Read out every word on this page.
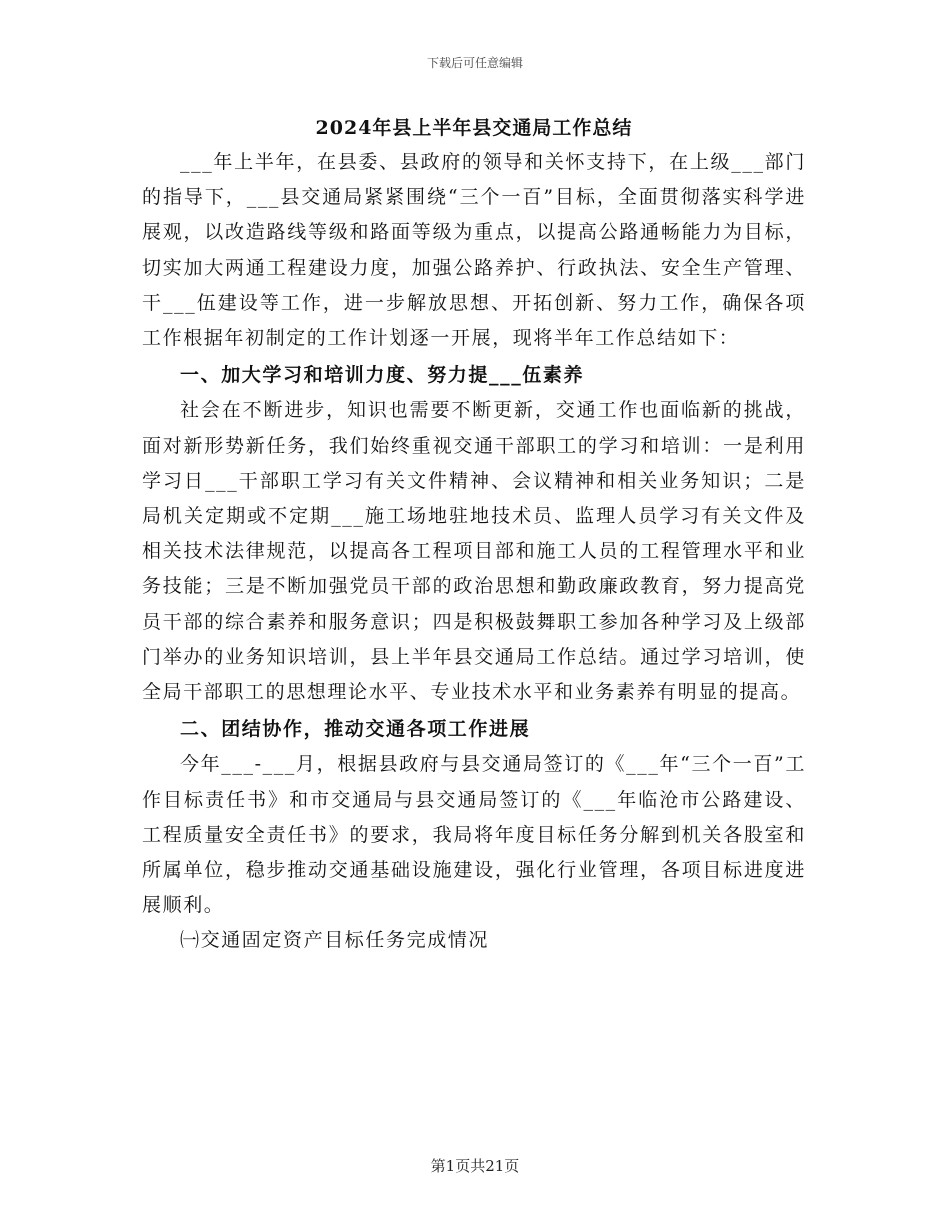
下载后可任意编辑
2024年县上半年县交通局工作总结

___年上半年，在县委、县政府的领导和关怀支持下，在上级___部门的指导下，___县交通局紧紧围绕“三个一百”目标，全面贯彻落实科学进展观，以改造路线等级和路面等级为重点，以提高公路通畅能力为目标，切实加大两通工程建设力度，加强公路养护、行政执法、安全生产管理、干___伍建设等工作，进一步解放思想、开拓创新、努力工作，确保各项工作根据年初制定的工作计划逐一开展，现将半年工作总结如下：

一、加大学习和培训力度、努力提___伍素养

社会在不断进步，知识也需要不断更新，交通工作也面临新的挑战，面对新形势新任务，我们始终重视交通干部职工的学习和培训：一是利用学习日___干部职工学习有关文件精神、会议精神和相关业务知识；二是局机关定期或不定期___施工场地驻地技术员、监理人员学习有关文件及相关技术法律规范，以提高各工程项目部和施工人员的工程管理水平和业务技能；三是不断加强党员干部的政治思想和勤政廉政教育，努力提高党员干部的综合素养和服务意识；四是积极鼓舞职工参加各种学习及上级部门举办的业务知识培训，县上半年县交通局工作总结。通过学习培训，使全局干部职工的思想理论水平、专业技术水平和业务素养有明显的提高。

二、团结协作，推动交通各项工作进展

今年___-___月，根据县政府与县交通局签订的《___年“三个一百”工作目标责任书》和市交通局与县交通局签订的《___年临沧市公路建设、工程质量安全责任书》的要求，我局将年度目标任务分解到机关各股室和所属单位，稳步推动交通基础设施建设，强化行业管理，各项目标进度进展顺利。

㈠交通固定资产目标任务完成情况

第1页共21页
